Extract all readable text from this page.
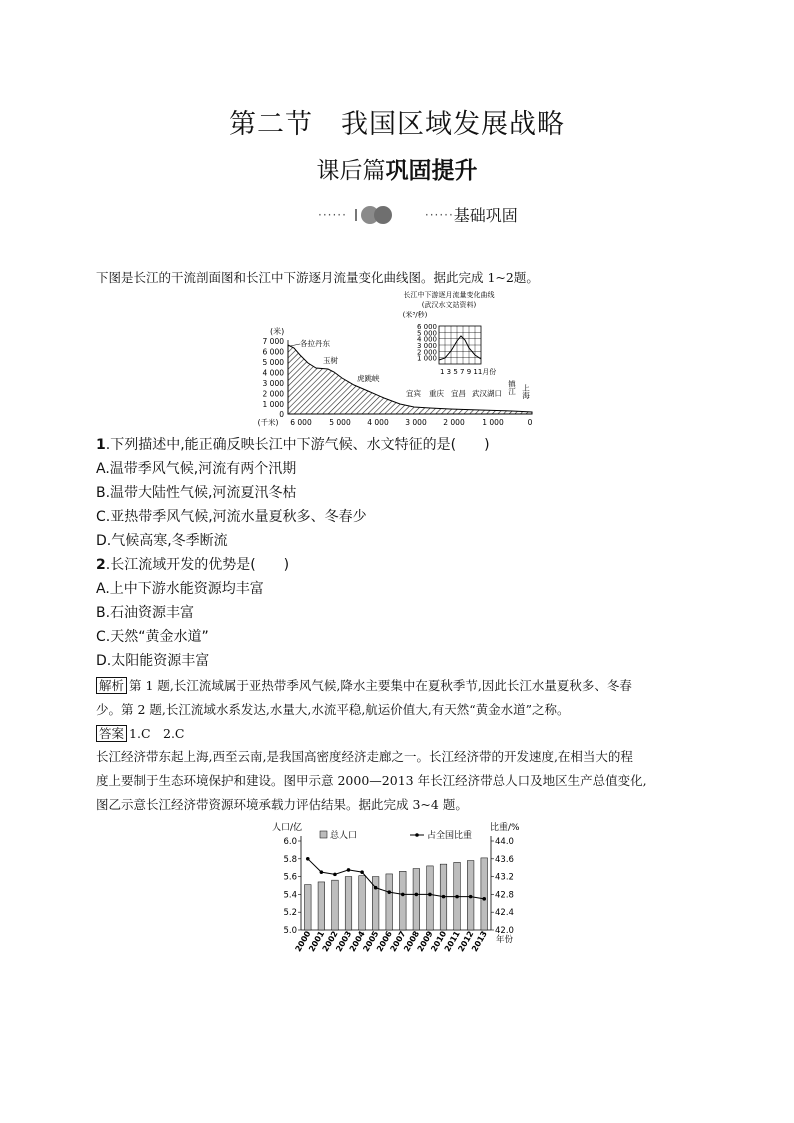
第二节　我国区域发展战略
课后篇巩固提升
······	······ 基础巩固
下图是长江的干流剖面图和长江中下游逐月流量变化曲线图。据此完成 1~2题。
(米)
7 000
6 000
5 000
4 000
3 000
2 000
1 000
0
(千米) 6 000 5 000 4 000 3 000 2 000 1 000	0
各拉丹东
玉树
虎跳峡
宜宾 重庆 宜昌 武汉湖口 镇江 上海
长江中下游逐月流量变化曲线
(武汉水文站资料)
(米³/秒)
6 000
5 000
4 000
3 000
2 000
1 000
1 3 5 7 9 11月份
1.下列描述中,能正确反映长江中下游气候、水文特征的是(　　)
A.温带季风气候,河流有两个汛期
B.温带大陆性气候,河流夏汛冬枯
C.亚热带季风气候,河流水量夏秋多、冬春少
D.气候高寒,冬季断流
2.长江流域开发的优势是(　　)
A.上中下游水能资源均丰富
B.石油资源丰富
C.天然“黄金水道”
D.太阳能资源丰富
解析 第 1 题,长江流域属于亚热带季风气候,降水主要集中在夏秋季节,因此长江水量夏秋多、冬春
少。第 2 题,长江流域水系发达,水量大,水流平稳,航运价值大,有天然“黄金水道”之称。
答案 1.C　2.C
长江经济带东起上海,西至云南,是我国高密度经济走廊之一。长江经济带的开发速度,在相当大的程
度上要制于生态环境保护和建设。图甲示意 2000—2013 年长江经济带总人口及地区生产总值变化,
图乙示意长江经济带资源环境承载力评估结果。据此完成 3~4 题。
人口/亿	比重/%
总人口	占全国比重
6.0
5.8
5.6
5.4
5.2
5.0
44.0
43.6
43.2
42.8
42.4
42.0
2000
2001
2002
2003
2004
2005
2006
2007
2008
2009
2010
2011
2012
2013 年份
